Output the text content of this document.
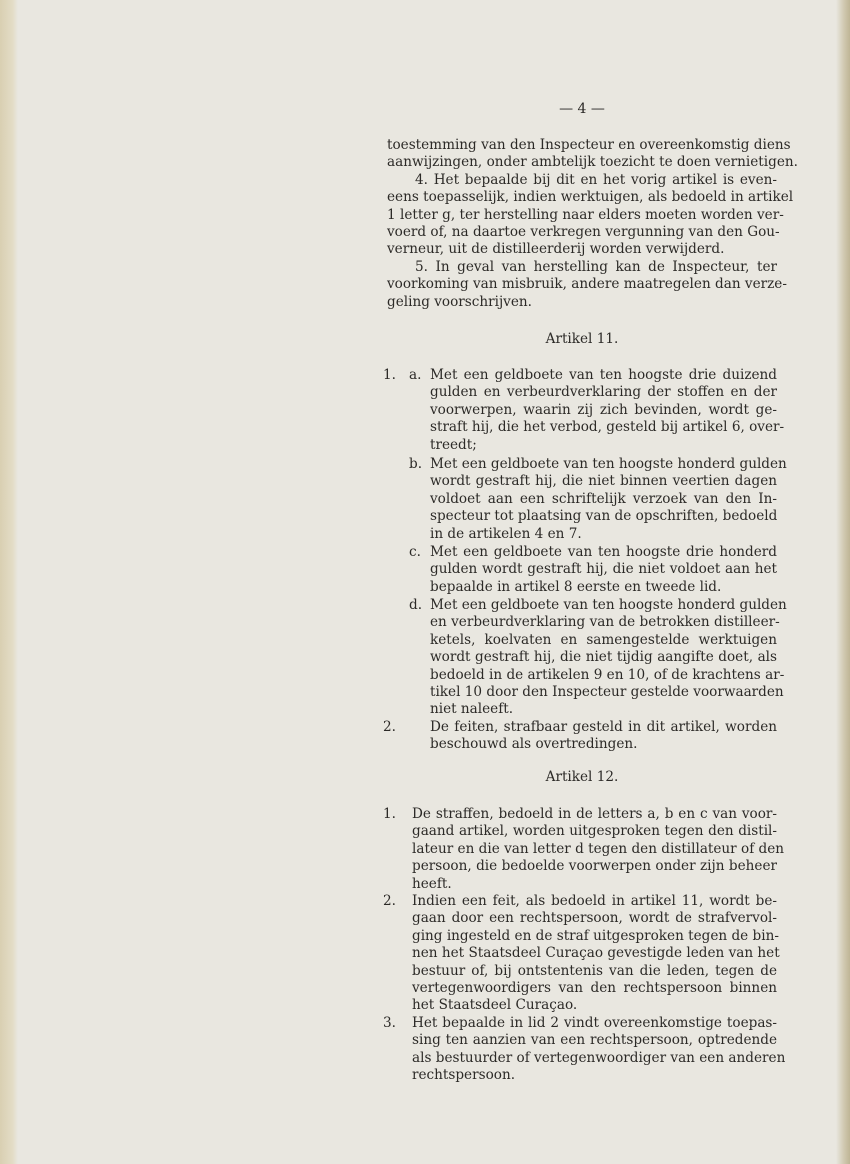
— 4 —
toestemming van den Inspecteur en overeenkomstig diens
aanwijzingen, onder ambtelijk toezicht te doen vernietigen.
4. Het bepaalde bij dit en het vorig artikel is even-
eens toepasselijk, indien werktuigen, als bedoeld in artikel
1 letter g, ter herstelling naar elders moeten worden ver-
voerd of, na daartoe verkregen vergunning van den Gou-
verneur, uit de distilleerderij worden verwijderd.
5. In geval van herstelling kan de Inspecteur, ter
voorkoming van misbruik, andere maatregelen dan verze-
geling voorschrijven.
Artikel 11.
1. a. Met een geldboete van ten hoogste drie duizend
gulden en verbeurdverklaring der stoffen en der
voorwerpen, waarin zij zich bevinden, wordt ge-
straft hij, die het verbod, gesteld bij artikel 6, over-
treedt;
b. Met een geldboete van ten hoogste honderd gulden
wordt gestraft hij, die niet binnen veertien dagen
voldoet aan een schriftelijk verzoek van den In-
specteur tot plaatsing van de opschriften, bedoeld
in de artikelen 4 en 7.
c. Met een geldboete van ten hoogste drie honderd
gulden wordt gestraft hij, die niet voldoet aan het
bepaalde in artikel 8 eerste en tweede lid.
d. Met een geldboete van ten hoogste honderd gulden
en verbeurdverklaring van de betrokken distilleer-
ketels, koelvaten en samengestelde werktuigen
wordt gestraft hij, die niet tijdig aangifte doet, als
bedoeld in de artikelen 9 en 10, of de krachtens ar-
tikel 10 door den Inspecteur gestelde voorwaarden
niet naleeft.
2.	De feiten, strafbaar gesteld in dit artikel, worden
beschouwd als overtredingen.
Artikel 12.
1. De straffen, bedoeld in de letters a, b en c van voor-
gaand artikel, worden uitgesproken tegen den distil-
lateur en die van letter d tegen den distillateur of den
persoon, die bedoelde voorwerpen onder zijn beheer
heeft.
2. Indien een feit, als bedoeld in artikel 11, wordt be-
gaan door een rechtspersoon, wordt de strafvervol-
ging ingesteld en de straf uitgesproken tegen de bin-
nen het Staatsdeel Curaçao gevestigde leden van het
bestuur of, bij ontstentenis van die leden, tegen de
vertegenwoordigers van den rechtspersoon binnen
het Staatsdeel Curaçao.
3. Het bepaalde in lid 2 vindt overeenkomstige toepas-
sing ten aanzien van een rechtspersoon, optredende
als bestuurder of vertegenwoordiger van een anderen
rechtspersoon.
